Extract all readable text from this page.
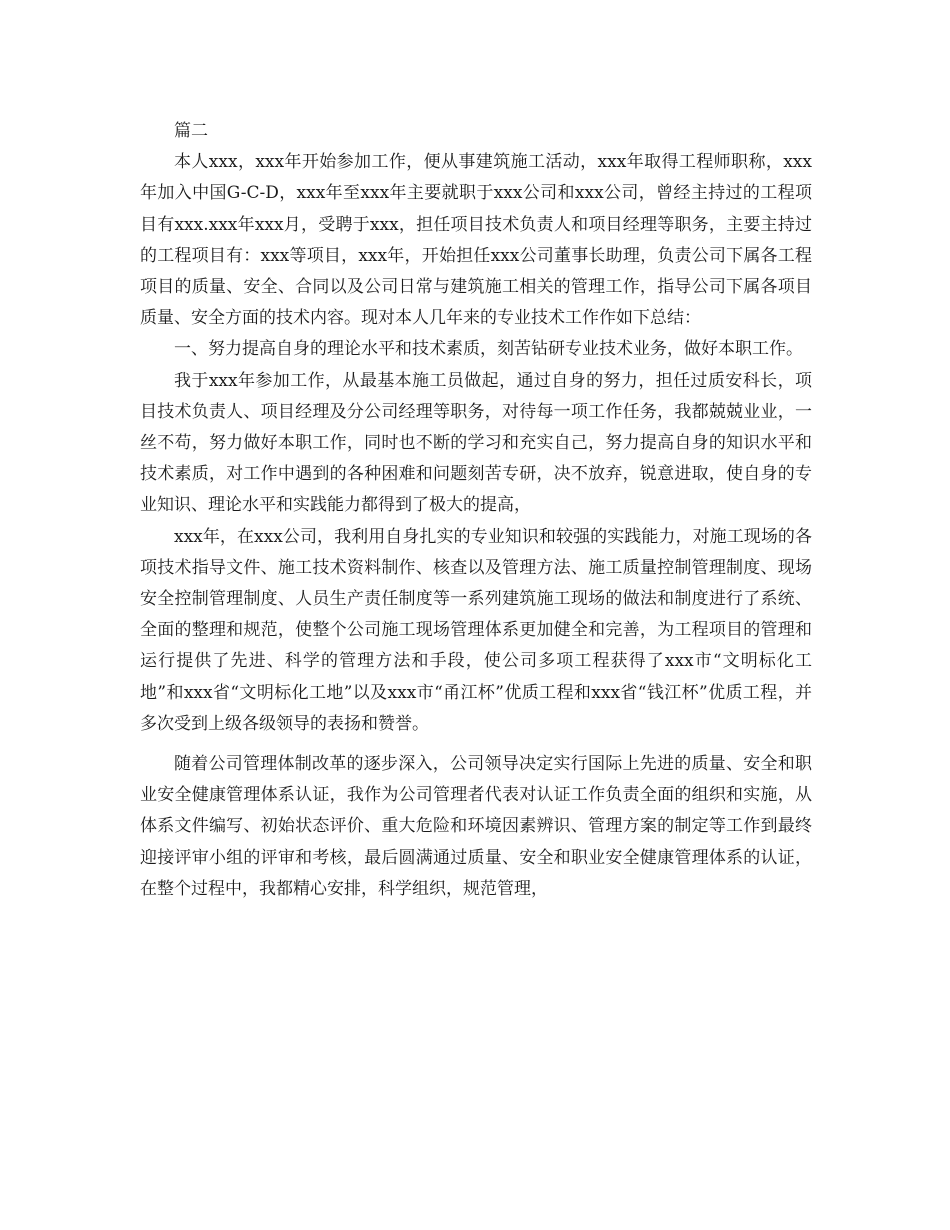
篇二

本人xxx，xxx年开始参加工作，便从事建筑施工活动，xxx年取得工程师职称，xxx年加入中国G-C-D，xxx年至xxx年主要就职于xxx公司和xxx公司，曾经主持过的工程项目有xxx.xxx年xxx月，受聘于xxx，担任项目技术负责人和项目经理等职务，主要主持过的工程项目有：xxx等项目，xxx年，开始担任xxx公司董事长助理，负责公司下属各工程项目的质量、安全、合同以及公司日常与建筑施工相关的管理工作，指导公司下属各项目质量、安全方面的技术内容。现对本人几年来的专业技术工作作如下总结：

一、努力提高自身的理论水平和技术素质，刻苦钻研专业技术业务，做好本职工作。

我于xxx年参加工作，从最基本施工员做起，通过自身的努力，担任过质安科长，项目技术负责人、项目经理及分公司经理等职务，对待每一项工作任务，我都兢兢业业，一丝不苟，努力做好本职工作，同时也不断的学习和充实自己，努力提高自身的知识水平和技术素质，对工作中遇到的各种困难和问题刻苦专研，决不放弃，锐意进取，使自身的专业知识、理论水平和实践能力都得到了极大的提高，

xxx年，在xxx公司，我利用自身扎实的专业知识和较强的实践能力，对施工现场的各项技术指导文件、施工技术资料制作、核查以及管理方法、施工质量控制管理制度、现场安全控制管理制度、人员生产责任制度等一系列建筑施工现场的做法和制度进行了系统、全面的整理和规范，使整个公司施工现场管理体系更加健全和完善，为工程项目的管理和运行提供了先进、科学的管理方法和手段，使公司多项工程获得了xxx市“文明标化工地”和xxx省“文明标化工地”以及xxx市“甬江杯”优质工程和xxx省“钱江杯”优质工程，并多次受到上级各级领导的表扬和赞誉。

随着公司管理体制改革的逐步深入，公司领导决定实行国际上先进的质量、安全和职业安全健康管理体系认证，我作为公司管理者代表对认证工作负责全面的组织和实施，从体系文件编写、初始状态评价、重大危险和环境因素辨识、管理方案的制定等工作到最终迎接评审小组的评审和考核，最后圆满通过质量、安全和职业安全健康管理体系的认证，在整个过程中，我都精心安排，科学组织，规范管理，
